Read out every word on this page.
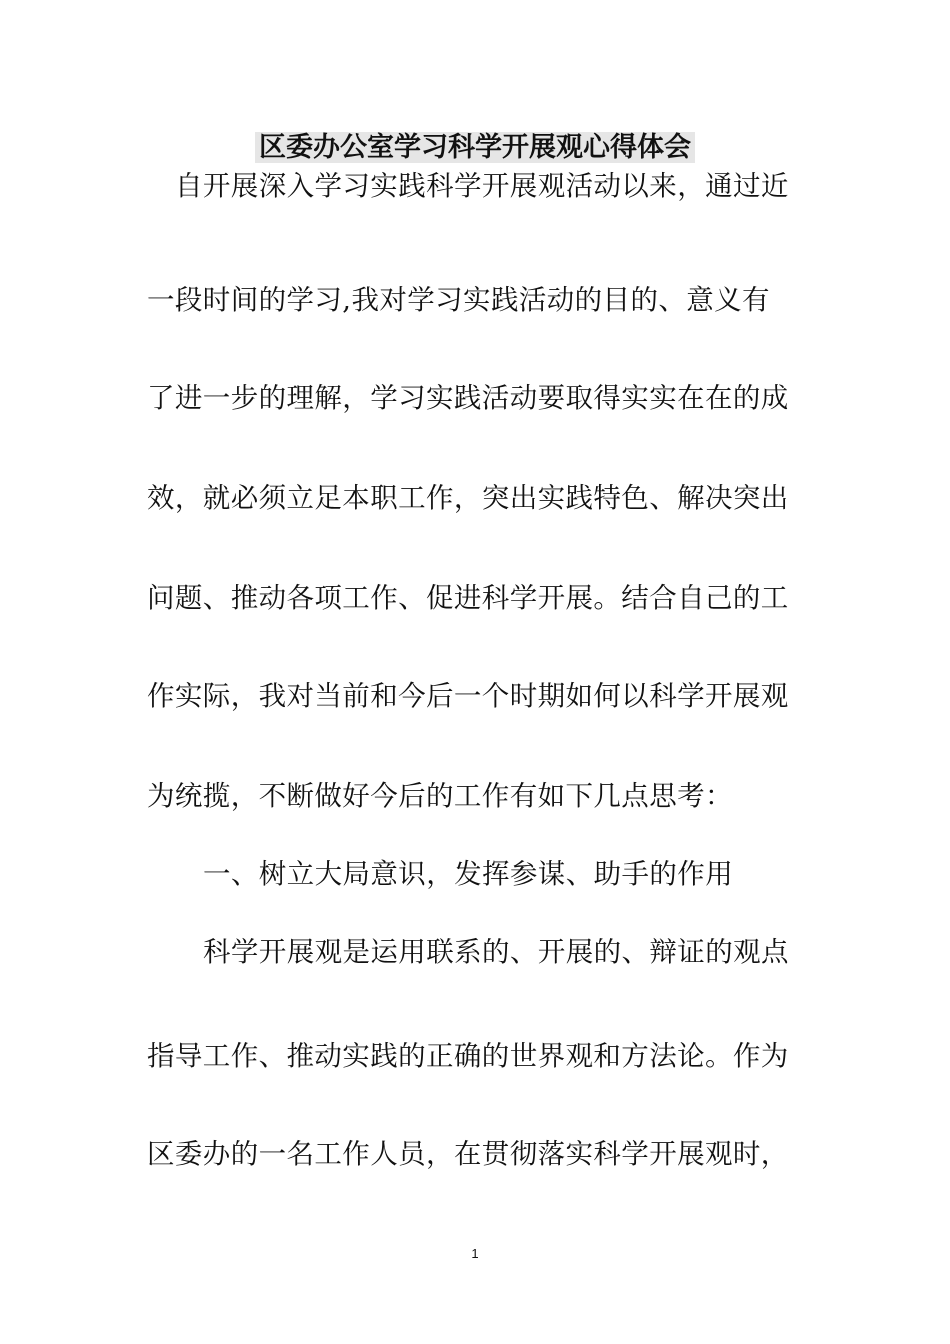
区委办公室学习科学开展观心得体会
自开展深入学习实践科学开展观活动以来，通过近
一段时间的学习,我对学习实践活动的目的、意义有
了进一步的理解，学习实践活动要取得实实在在的成
效，就必须立足本职工作，突出实践特色、解决突出
问题、推动各项工作、促进科学开展。结合自己的工
作实际，我对当前和今后一个时期如何以科学开展观
为统揽，不断做好今后的工作有如下几点思考：
一、树立大局意识，发挥参谋、助手的作用
科学开展观是运用联系的、开展的、辩证的观点
指导工作、推动实践的正确的世界观和方法论。作为
区委办的一名工作人员，在贯彻落实科学开展观时，
1
